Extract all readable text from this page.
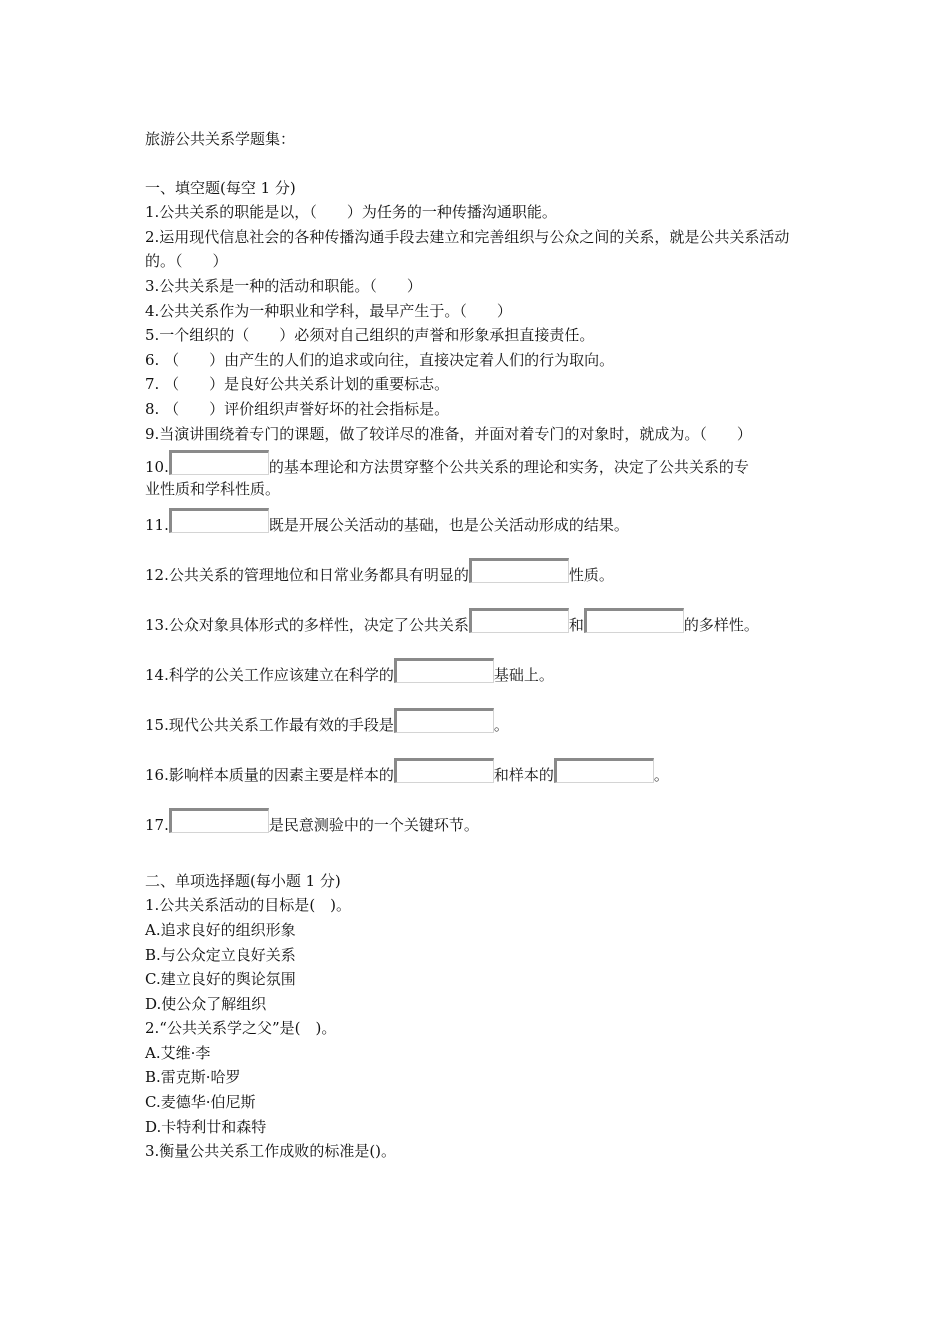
旅游公共关系学题集：
一、填空题(每空 1 分)
1.公共关系的职能是以，（　　）为任务的一种传播沟通职能。
2.运用现代信息社会的各种传播沟通手段去建立和完善组织与公众之间的关系，就是公共关系活动的。（　　）
3.公共关系是一种的活动和职能。（　　）
4.公共关系作为一种职业和学科，最早产生于。（　　）
5.一个组织的（　　）必须对自己组织的声誉和形象承担直接责任。
6. （　　）由产生的人们的追求或向往，直接决定着人们的行为取向。
7. （　　）是良好公共关系计划的重要标志。
8. （　　）评价组织声誉好坏的社会指标是。
9.当演讲围绕着专门的课题，做了较详尽的准备，并面对着专门的对象时，就成为。（　　）
10.	的基本理论和方法贯穿整个公共关系的理论和实务，决定了公共关系的专
业性质和学科性质。
11.	既是开展公关活动的基础，也是公关活动形成的结果。
12.公共关系的管理地位和日常业务都具有明显的	性质。
13.公众对象具体形式的多样性，决定了公共关系	和	的多样性。
14.科学的公关工作应该建立在科学的	基础上。
15.现代公共关系工作最有效的手段是	。
16.影响样本质量的因素主要是样本的	和样本的	。
17.	是民意测验中的一个关键环节。
二、单项选择题(每小题 1 分)
1.公共关系活动的目标是(　)。
A.追求良好的组织形象
B.与公众定立良好关系
C.建立良好的舆论氛围
D.使公众了解组织
2.“公共关系学之父”是(　)。
A.艾维·李
B.雷克斯·哈罗
C.麦德华·伯尼斯
D.卡特利廿和森特
3.衡量公共关系工作成败的标准是()。
